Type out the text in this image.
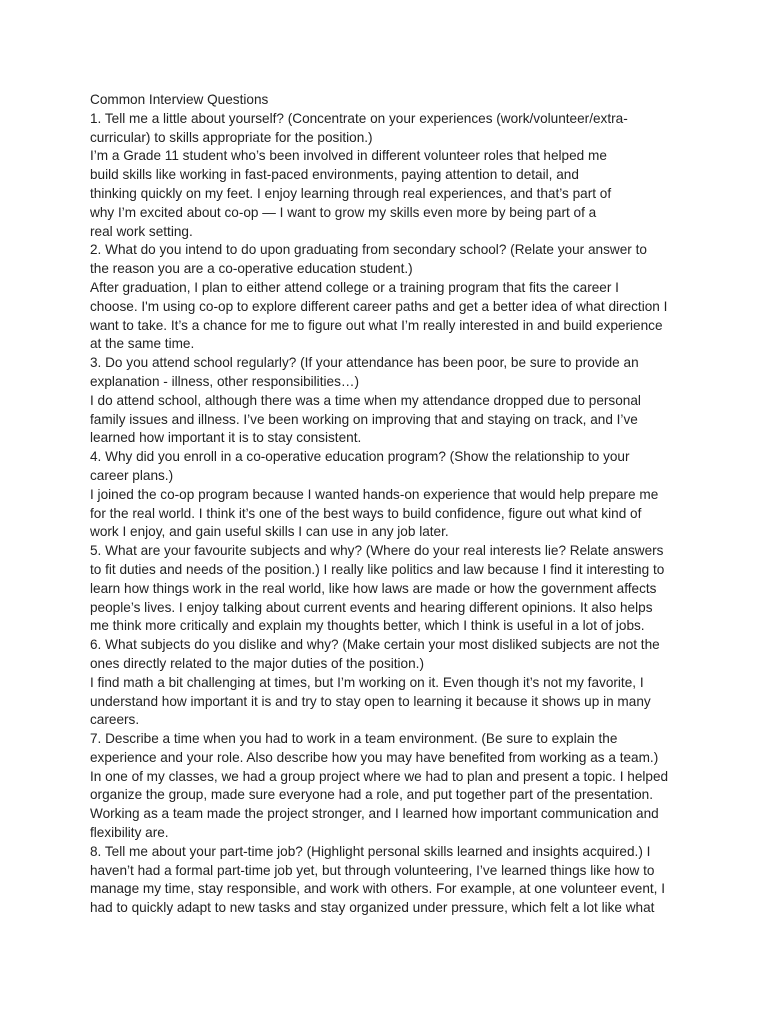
Common Interview Questions
1. Tell me a little about yourself? (Concentrate on your experiences (work/volunteer/extra-
curricular) to skills appropriate for the position.)
I’m a Grade 11 student who’s been involved in different volunteer roles that helped me
build skills like working in fast-paced environments, paying attention to detail, and
thinking quickly on my feet. I enjoy learning through real experiences, and that’s part of
why I’m excited about co-op — I want to grow my skills even more by being part of a
real work setting.
2. What do you intend to do upon graduating from secondary school? (Relate your answer to
the reason you are a co-operative education student.)
After graduation, I plan to either attend college or a training program that fits the career I
choose. I'm using co-op to explore different career paths and get a better idea of what direction I
want to take. It’s a chance for me to figure out what I’m really interested in and build experience
at the same time.
3. Do you attend school regularly? (If your attendance has been poor, be sure to provide an
explanation - illness, other responsibilities…)
I do attend school, although there was a time when my attendance dropped due to personal
family issues and illness. I’ve been working on improving that and staying on track, and I’ve
learned how important it is to stay consistent.
4. Why did you enroll in a co-operative education program? (Show the relationship to your
career plans.)
I joined the co-op program because I wanted hands-on experience that would help prepare me
for the real world. I think it’s one of the best ways to build confidence, figure out what kind of
work I enjoy, and gain useful skills I can use in any job later.
5. What are your favourite subjects and why? (Where do your real interests lie? Relate answers
to fit duties and needs of the position.) I really like politics and law because I find it interesting to
learn how things work in the real world, like how laws are made or how the government affects
people’s lives. I enjoy talking about current events and hearing different opinions. It also helps
me think more critically and explain my thoughts better, which I think is useful in a lot of jobs.
6. What subjects do you dislike and why? (Make certain your most disliked subjects are not the
ones directly related to the major duties of the position.)
I find math a bit challenging at times, but I’m working on it. Even though it’s not my favorite, I
understand how important it is and try to stay open to learning it because it shows up in many
careers.
7. Describe a time when you had to work in a team environment. (Be sure to explain the
experience and your role. Also describe how you may have benefited from working as a team.)
In one of my classes, we had a group project where we had to plan and present a topic. I helped
organize the group, made sure everyone had a role, and put together part of the presentation.
Working as a team made the project stronger, and I learned how important communication and
flexibility are.
8. Tell me about your part-time job? (Highlight personal skills learned and insights acquired.) I
haven’t had a formal part-time job yet, but through volunteering, I’ve learned things like how to
manage my time, stay responsible, and work with others. For example, at one volunteer event, I
had to quickly adapt to new tasks and stay organized under pressure, which felt a lot like what
